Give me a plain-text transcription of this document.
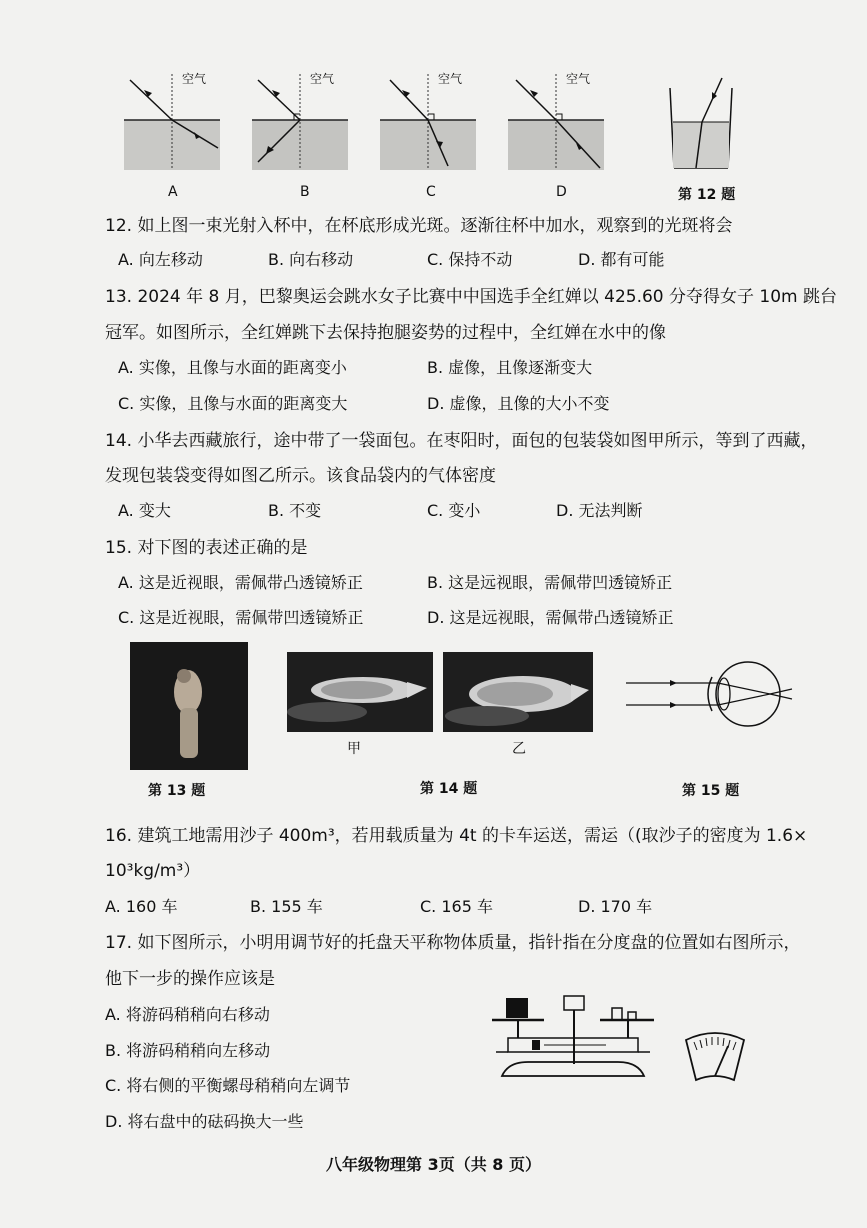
空气	空气	空气	空气
A	B	C	D	第 12 题
12. 如上图一束光射入杯中，在杯底形成光斑。逐渐往杯中加水，观察到的光斑将会
A. 向左移动	B. 向右移动	C. 保持不动	D. 都有可能
13. 2024 年 8 月，巴黎奥运会跳水女子比赛中中国选手全红婵以 425.60 分夺得女子 10m 跳台
冠军。如图所示，全红婵跳下去保持抱腿姿势的过程中，全红婵在水中的像
A. 实像，且像与水面的距离变小	B. 虚像，且像逐渐变大
C. 实像，且像与水面的距离变大	D. 虚像，且像的大小不变
14. 小华去西藏旅行，途中带了一袋面包。在枣阳时，面包的包装袋如图甲所示，等到了西藏，
发现包装袋变得如图乙所示。该食品袋内的气体密度
A. 变大	B. 不变	C. 变小	D. 无法判断
15. 对下图的表述正确的是
A. 这是近视眼，需佩带凸透镜矫正	B. 这是远视眼，需佩带凹透镜矫正
C. 这是近视眼，需佩带凹透镜矫正	D. 这是远视眼，需佩带凸透镜矫正
甲	乙
第 13 题	第 14 题	第 15 题
16. 建筑工地需用沙子 400m³，若用载质量为 4t 的卡车运送，需运（(取沙子的密度为 1.6×
10³kg/m³）
A. 160 车	B. 155 车	C. 165 车	D. 170 车
17. 如下图所示，小明用调节好的托盘天平称物体质量，指针指在分度盘的位置如右图所示，
他下一步的操作应该是
A. 将游码稍稍向右移动
B. 将游码稍稍向左移动
C. 将右侧的平衡螺母稍稍向左调节
D. 将右盘中的砝码换大一些
八年级物理第 3页（共 8 页）
